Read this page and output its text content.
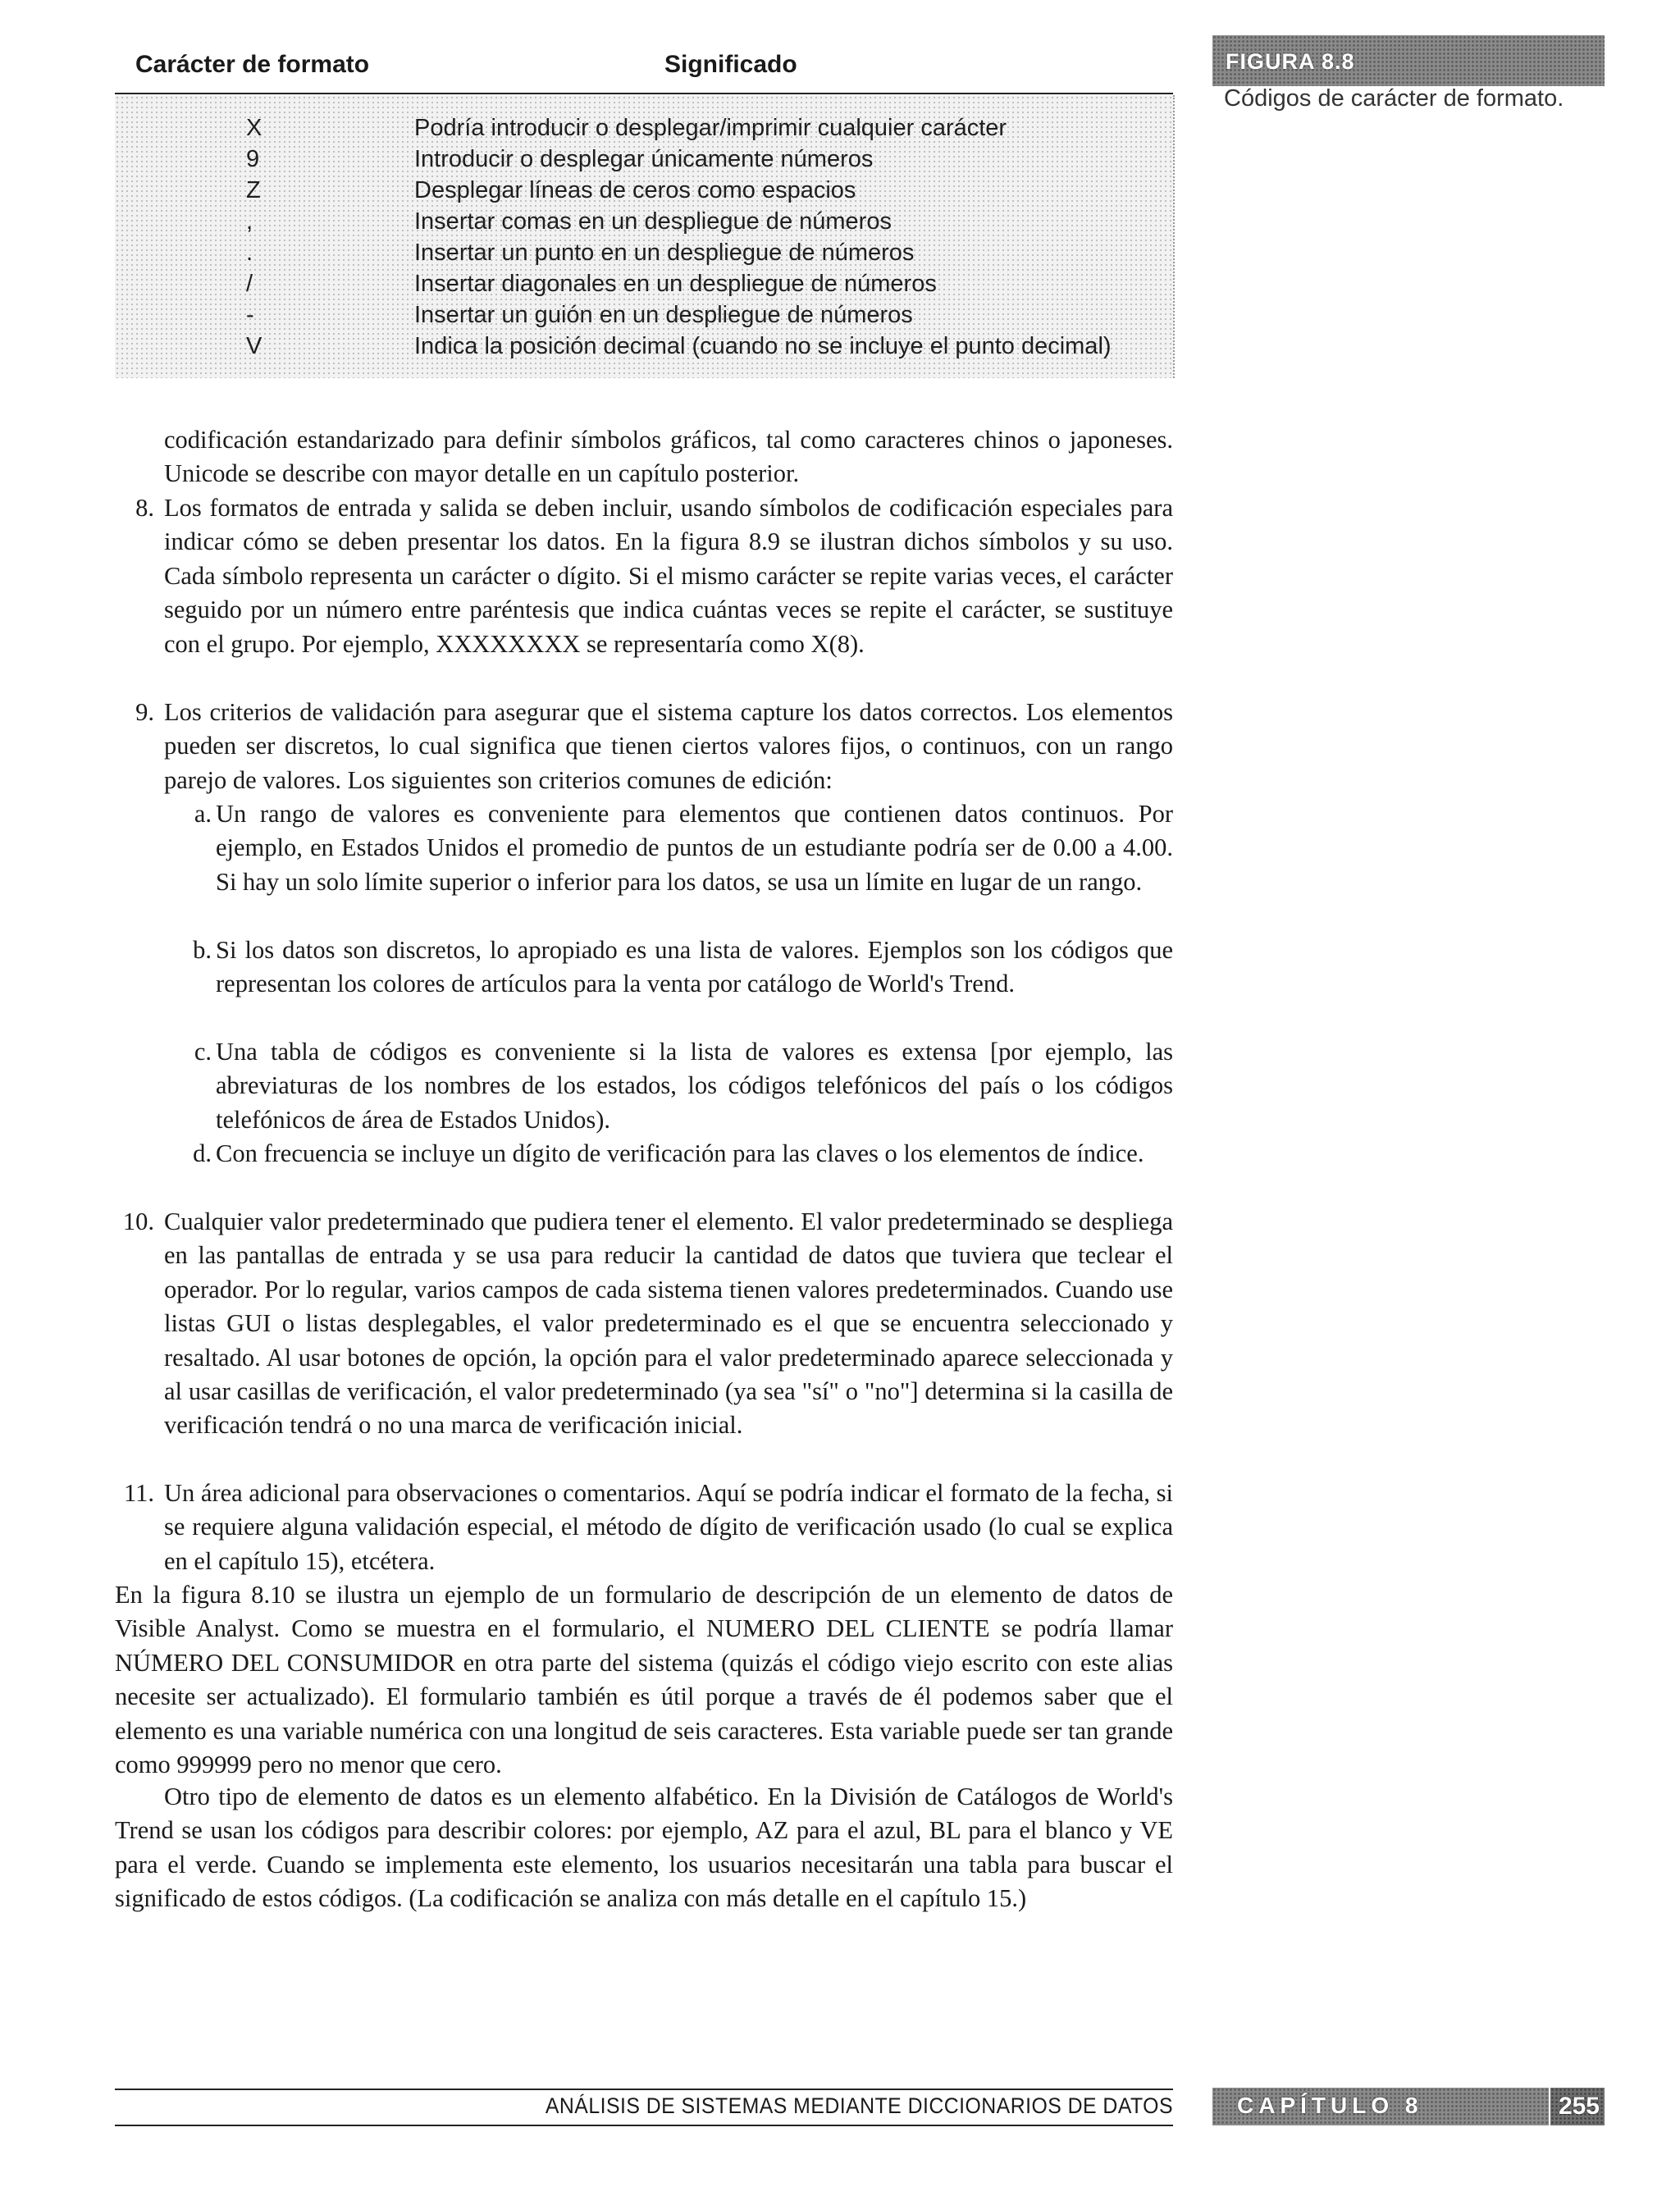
Carácter de formato	Significado
X	Podría introducir o desplegar/imprimir cualquier carácter
9	Introducir o desplegar únicamente números
Z	Desplegar líneas de ceros como espacios
,	Insertar comas en un despliegue de números
.	Insertar un punto en un despliegue de números
/	Insertar diagonales en un despliegue de números
-	Insertar un guión en un despliegue de números
V	Indica la posición decimal (cuando no se incluye el punto decimal)
FIGURA 8.8
Códigos de carácter de formato.

codificación estandarizado para definir símbolos gráficos, tal como caracteres chinos o japoneses. Unicode se describe con mayor detalle en un capítulo posterior.

8. Los formatos de entrada y salida se deben incluir, usando símbolos de codificación especiales para indicar cómo se deben presentar los datos. En la figura 8.9 se ilustran dichos símbolos y su uso. Cada símbolo representa un carácter o dígito. Si el mismo carácter se repite varias veces, el carácter seguido por un número entre paréntesis que indica cuántas veces se repite el carácter, se sustituye con el grupo. Por ejemplo, XXXXXXXX se representaría como X(8).

9. Los criterios de validación para asegurar que el sistema capture los datos correctos. Los elementos pueden ser discretos, lo cual significa que tienen ciertos valores fijos, o continuos, con un rango parejo de valores. Los siguientes son criterios comunes de edición:

a. Un rango de valores es conveniente para elementos que contienen datos continuos. Por ejemplo, en Estados Unidos el promedio de puntos de un estudiante podría ser de 0.00 a 4.00. Si hay un solo límite superior o inferior para los datos, se usa un límite en lugar de un rango.

b. Si los datos son discretos, lo apropiado es una lista de valores. Ejemplos son los códigos que representan los colores de artículos para la venta por catálogo de World's Trend.

c. Una tabla de códigos es conveniente si la lista de valores es extensa [por ejemplo, las abreviaturas de los nombres de los estados, los códigos telefónicos del país o los códigos telefónicos de área de Estados Unidos).

d. Con frecuencia se incluye un dígito de verificación para las claves o los elementos de índice.

10. Cualquier valor predeterminado que pudiera tener el elemento. El valor predeterminado se despliega en las pantallas de entrada y se usa para reducir la cantidad de datos que tuviera que teclear el operador. Por lo regular, varios campos de cada sistema tienen valores predeterminados. Cuando use listas GUI o listas desplegables, el valor predeterminado es el que se encuentra seleccionado y resaltado. Al usar botones de opción, la opción para el valor predeterminado aparece seleccionada y al usar casillas de verificación, el valor predeterminado (ya sea "sí" o "no"] determina si la casilla de verificación tendrá o no una marca de verificación inicial.

11. Un área adicional para observaciones o comentarios. Aquí se podría indicar el formato de la fecha, si se requiere alguna validación especial, el método de dígito de verificación usado (lo cual se explica en el capítulo 15), etcétera.

En la figura 8.10 se ilustra un ejemplo de un formulario de descripción de un elemento de datos de Visible Analyst. Como se muestra en el formulario, el NUMERO DEL CLIENTE se podría llamar NÚMERO DEL CONSUMIDOR en otra parte del sistema (quizás el código viejo escrito con este alias necesite ser actualizado). El formulario también es útil porque a través de él podemos saber que el elemento es una variable numérica con una longitud de seis caracteres. Esta variable puede ser tan grande como 999999 pero no menor que cero.

Otro tipo de elemento de datos es un elemento alfabético. En la División de Catálogos de World's Trend se usan los códigos para describir colores: por ejemplo, AZ para el azul, BL para el blanco y VE para el verde. Cuando se implementa este elemento, los usuarios necesitarán una tabla para buscar el significado de estos códigos. (La codificación se analiza con más detalle en el capítulo 15.)

ANÁLISIS DE SISTEMAS MEDIANTE DICCIONARIOS DE DATOS	CAPÍTULO 8	255
